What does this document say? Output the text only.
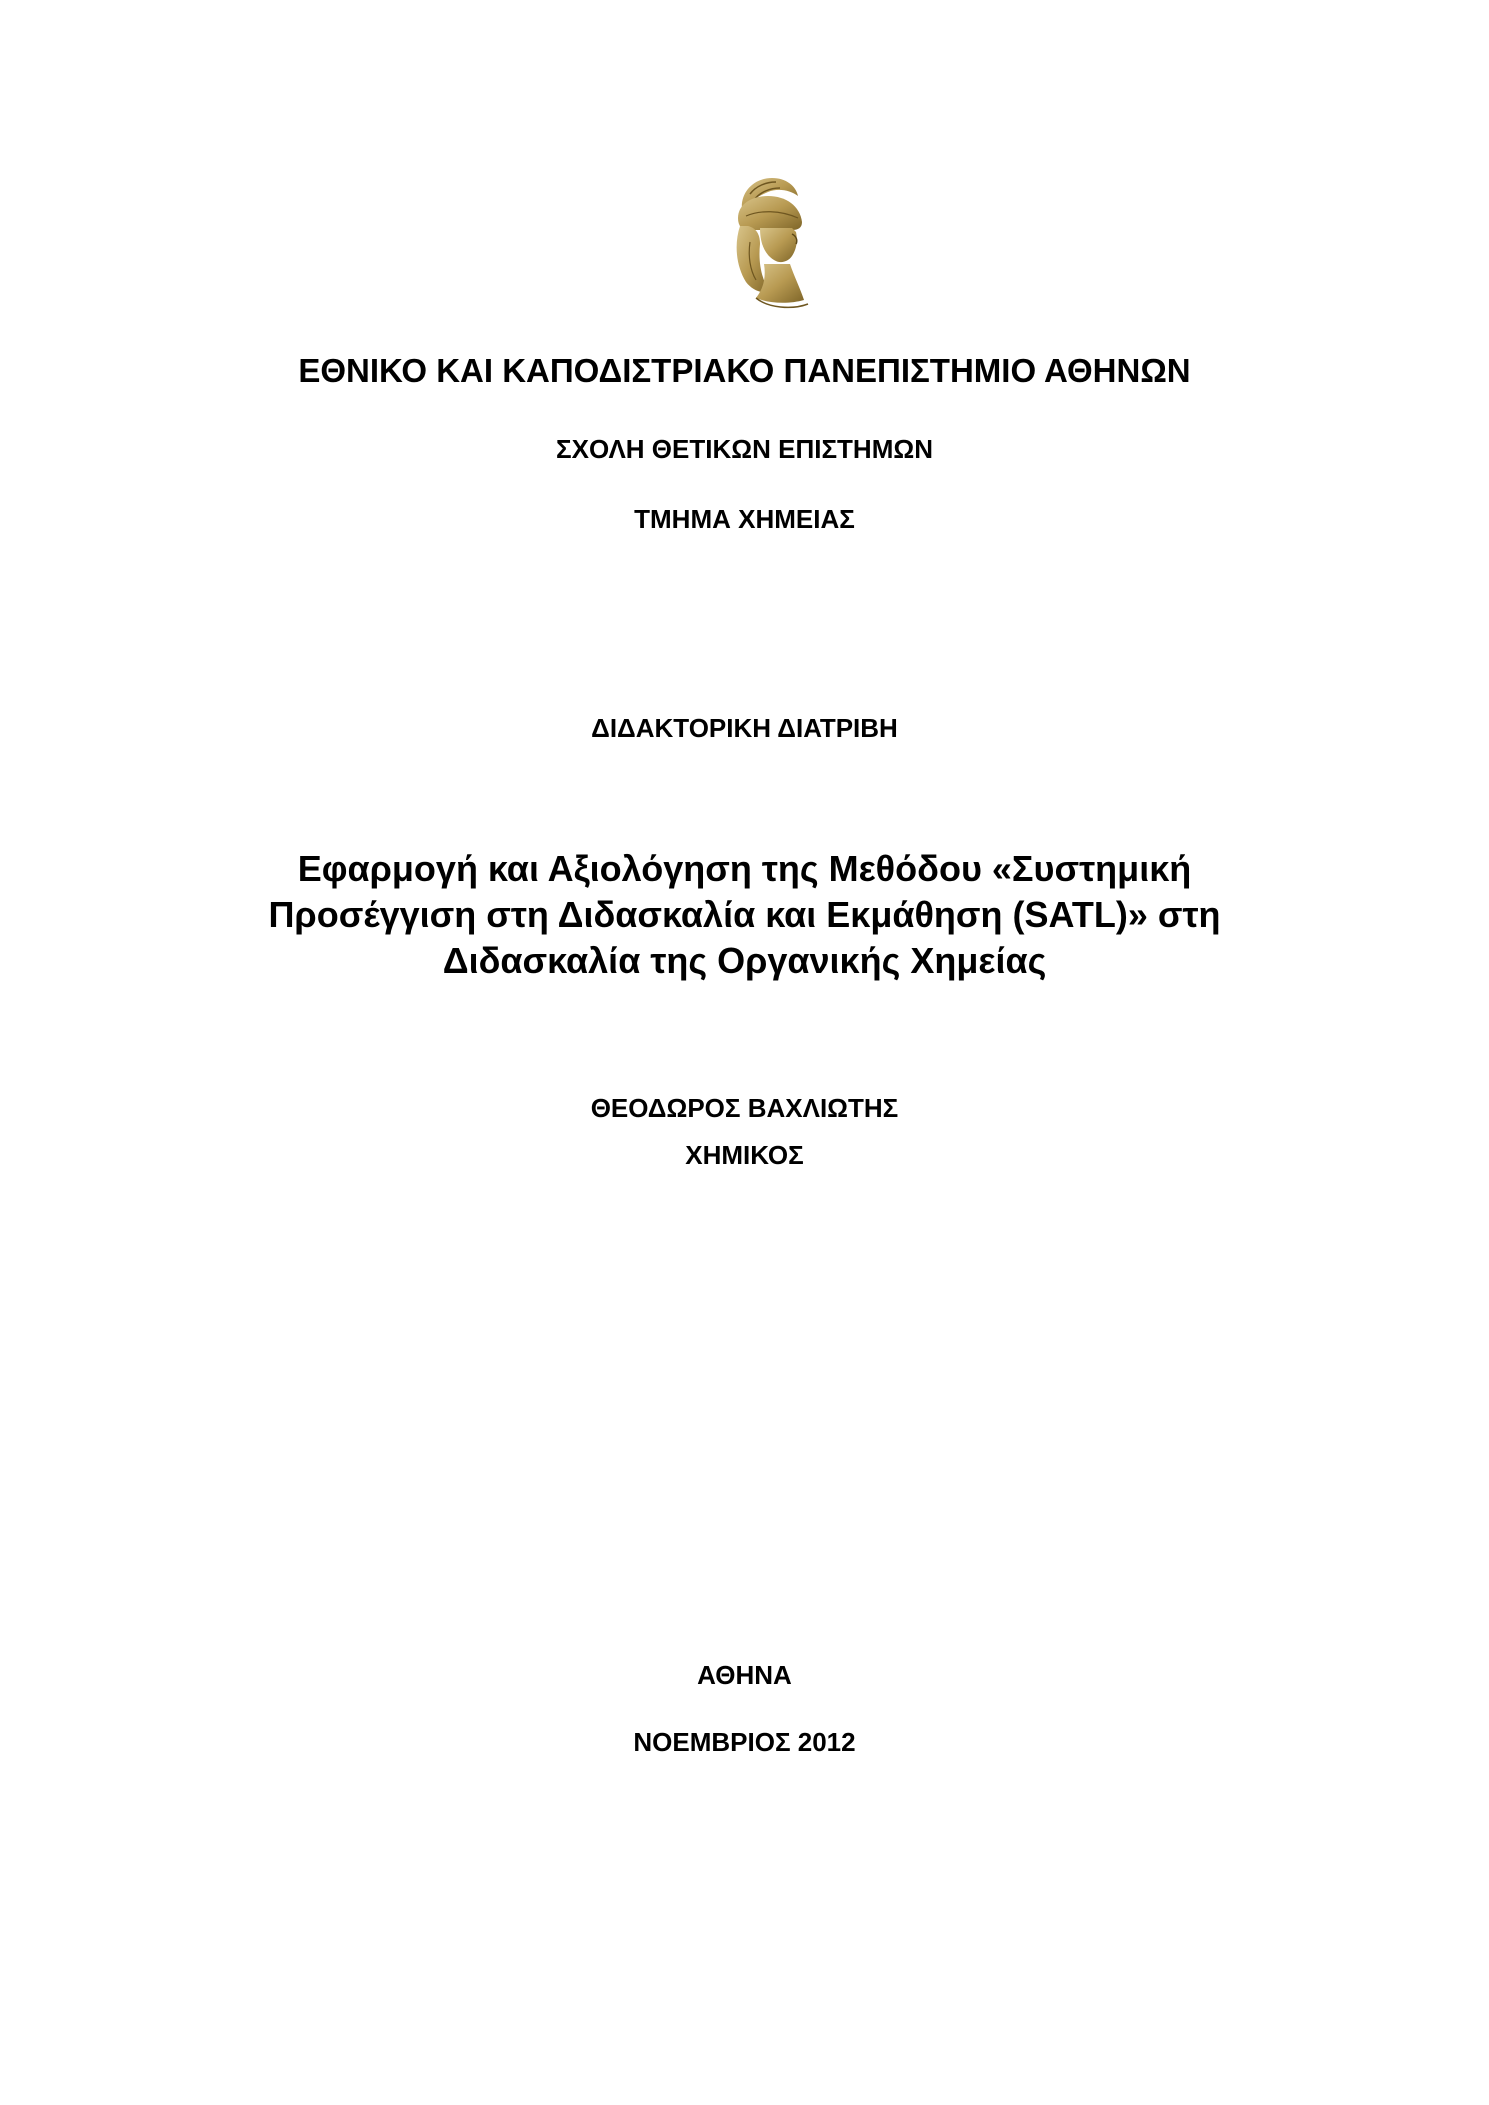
ΕΘΝΙΚΟ ΚΑΙ ΚΑΠΟΔΙΣΤΡΙΑΚΟ ΠΑΝΕΠΙΣΤΗΜΙΟ ΑΘΗΝΩΝ
ΣΧΟΛΗ ΘΕΤΙΚΩΝ ΕΠΙΣΤΗΜΩΝ
ΤΜΗΜΑ ΧΗΜΕΙΑΣ
ΔΙΔΑΚΤΟΡΙΚΗ ΔΙΑΤΡΙΒΗ
Εφαρμογή και Αξιολόγηση της Μεθόδου «Συστημική
Προσέγγιση στη Διδασκαλία και Εκμάθηση (SATL)» στη
Διδασκαλία της Οργανικής Χημείας
ΘΕΟΔΩΡΟΣ ΒΑΧΛΙΩΤΗΣ
ΧΗΜΙΚΟΣ
ΑΘΗΝΑ
ΝΟΕΜΒΡΙΟΣ 2012
